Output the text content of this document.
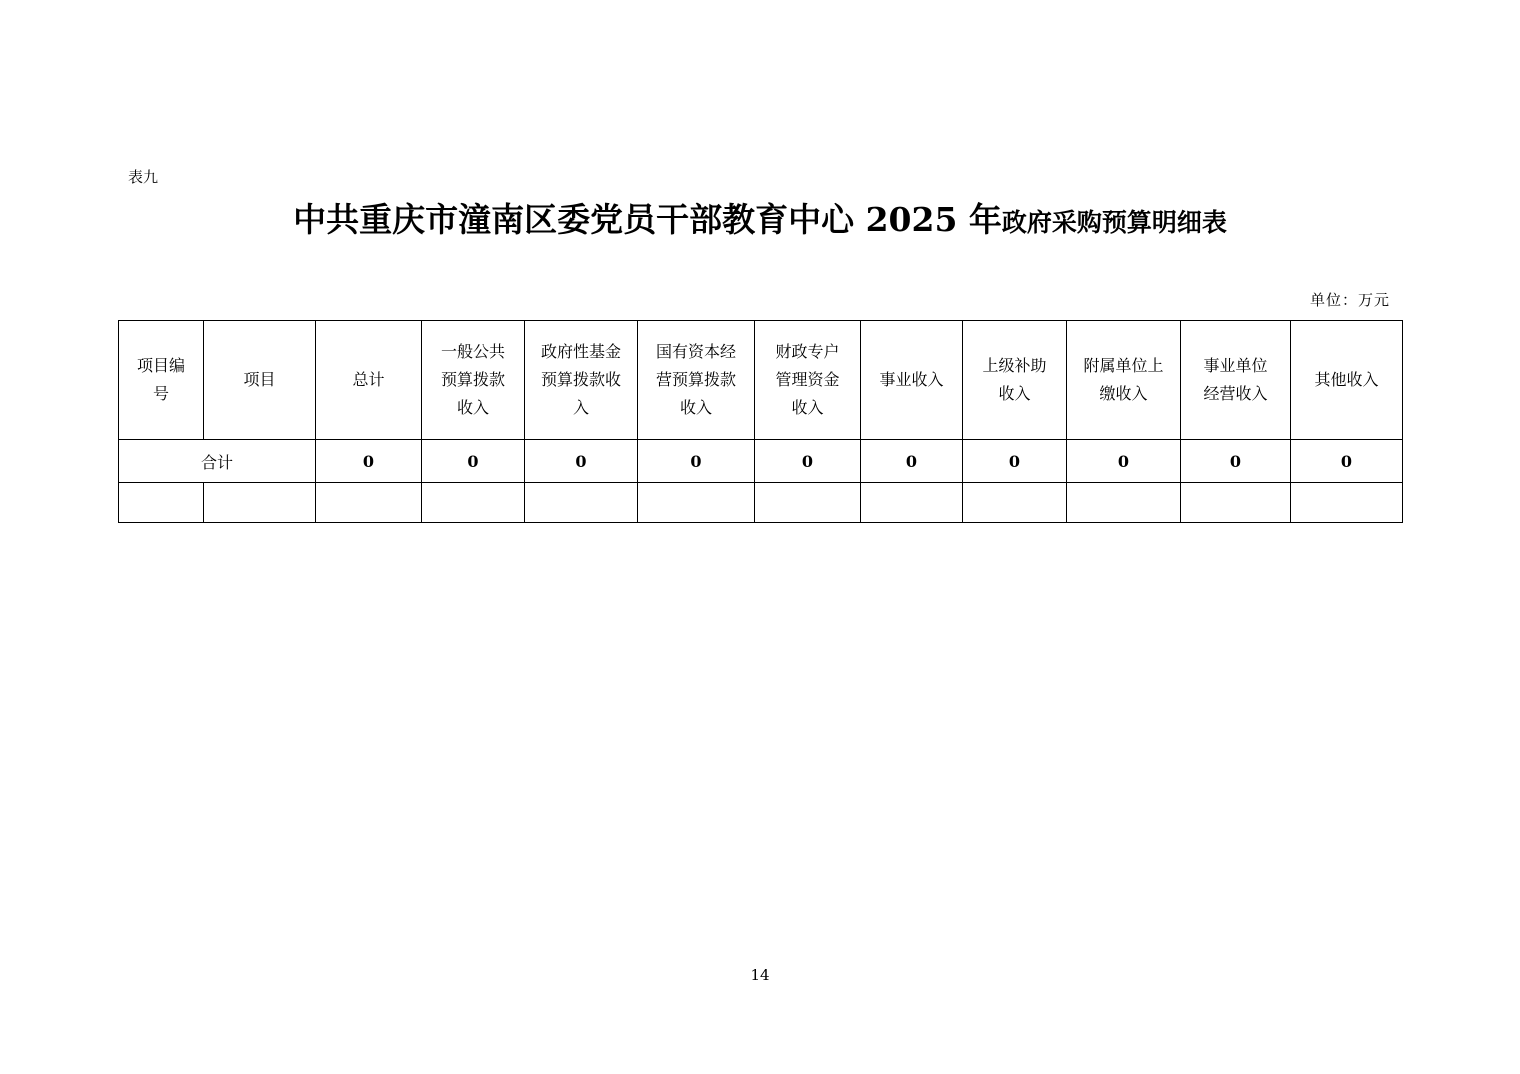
表九
中共重庆市潼南区委党员干部教育中心 2025 年政府采购预算明细表
单位：万元
项目编
号	项目	总计	一般公共
预算拨款
收入	政府性基金
预算拨款收
入	国有资本经
营预算拨款
收入	财政专户
管理资金
收入	事业收入	上级补助
收入	附属单位上
缴收入	事业单位
经营收入	其他收入
合计		0	0	0	0	0	0	0	0	0	0

14
